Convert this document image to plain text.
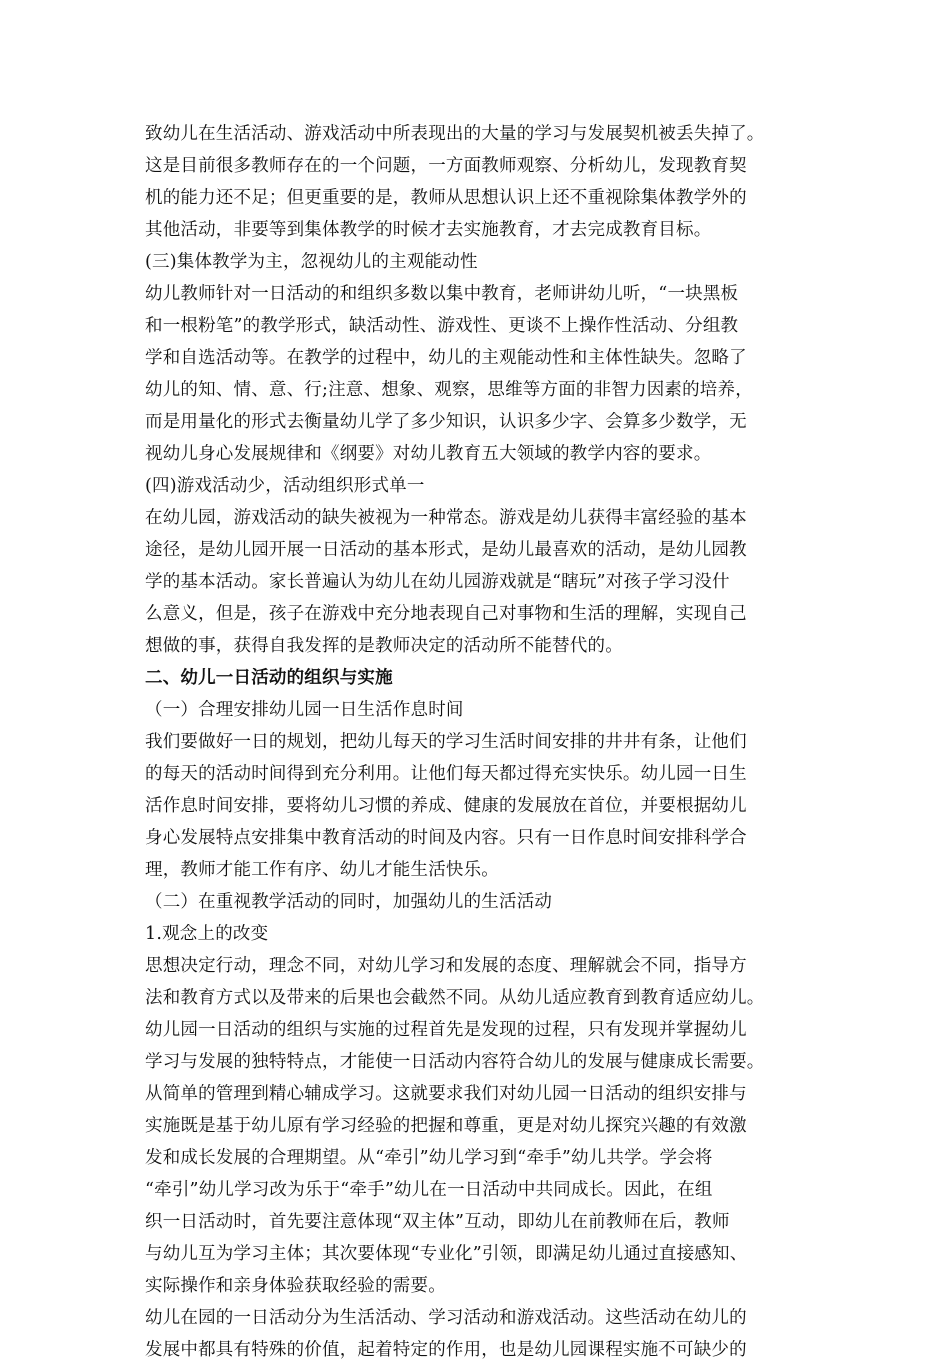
致幼儿在生活活动、游戏活动中所表现出的大量的学习与发展契机被丢失掉了。
这是目前很多教师存在的一个问题，一方面教师观察、分析幼儿，发现教育契
机的能力还不足；但更重要的是，教师从思想认识上还不重视除集体教学外的
其他活动，非要等到集体教学的时候才去实施教育，才去完成教育目标。
(三)集体教学为主，忽视幼儿的主观能动性
幼儿教师针对一日活动的和组织多数以集中教育，老师讲幼儿听，“一块黑板
和一根粉笔”的教学形式，缺活动性、游戏性、更谈不上操作性活动、分组教
学和自选活动等。在教学的过程中，幼儿的主观能动性和主体性缺失。忽略了
幼儿的知、情、意、行;注意、想象、观察，思维等方面的非智力因素的培养，
而是用量化的形式去衡量幼儿学了多少知识，认识多少字、会算多少数学，无
视幼儿身心发展规律和《纲要》对幼儿教育五大领域的教学内容的要求。
(四)游戏活动少，活动组织形式单一
在幼儿园，游戏活动的缺失被视为一种常态。游戏是幼儿获得丰富经验的基本
途径，是幼儿园开展一日活动的基本形式，是幼儿最喜欢的活动，是幼儿园教
学的基本活动。家长普遍认为幼儿在幼儿园游戏就是“瞎玩”对孩子学习没什
么意义，但是，孩子在游戏中充分地表现自己对事物和生活的理解，实现自己
想做的事，获得自我发挥的是教师决定的活动所不能替代的。
二、幼儿一日活动的组织与实施
（一）合理安排幼儿园一日生活作息时间
我们要做好一日的规划，把幼儿每天的学习生活时间安排的井井有条，让他们
的每天的活动时间得到充分利用。让他们每天都过得充实快乐。幼儿园一日生
活作息时间安排，要将幼儿习惯的养成、健康的发展放在首位，并要根据幼儿
身心发展特点安排集中教育活动的时间及内容。只有一日作息时间安排科学合
理，教师才能工作有序、幼儿才能生活快乐。
（二）在重视教学活动的同时，加强幼儿的生活活动
1.观念上的改变
思想决定行动，理念不同，对幼儿学习和发展的态度、理解就会不同，指导方
法和教育方式以及带来的后果也会截然不同。从幼儿适应教育到教育适应幼儿。
幼儿园一日活动的组织与实施的过程首先是发现的过程，只有发现并掌握幼儿
学习与发展的独特特点，才能使一日活动内容符合幼儿的发展与健康成长需要。
从简单的管理到精心辅成学习。这就要求我们对幼儿园一日活动的组织安排与
实施既是基于幼儿原有学习经验的把握和尊重，更是对幼儿探究兴趣的有效激
发和成长发展的合理期望。从“牵引”幼儿学习到“牵手”幼儿共学。学会将
“牵引”幼儿学习改为乐于“牵手”幼儿在一日活动中共同成长。因此，在组
织一日活动时，首先要注意体现“双主体”互动，即幼儿在前教师在后，教师
与幼儿互为学习主体；其次要体现“专业化”引领，即满足幼儿通过直接感知、
实际操作和亲身体验获取经验的需要。
幼儿在园的一日活动分为生活活动、学习活动和游戏活动。这些活动在幼儿的
发展中都具有特殊的价值，起着特定的作用，也是幼儿园课程实施不可缺少的
